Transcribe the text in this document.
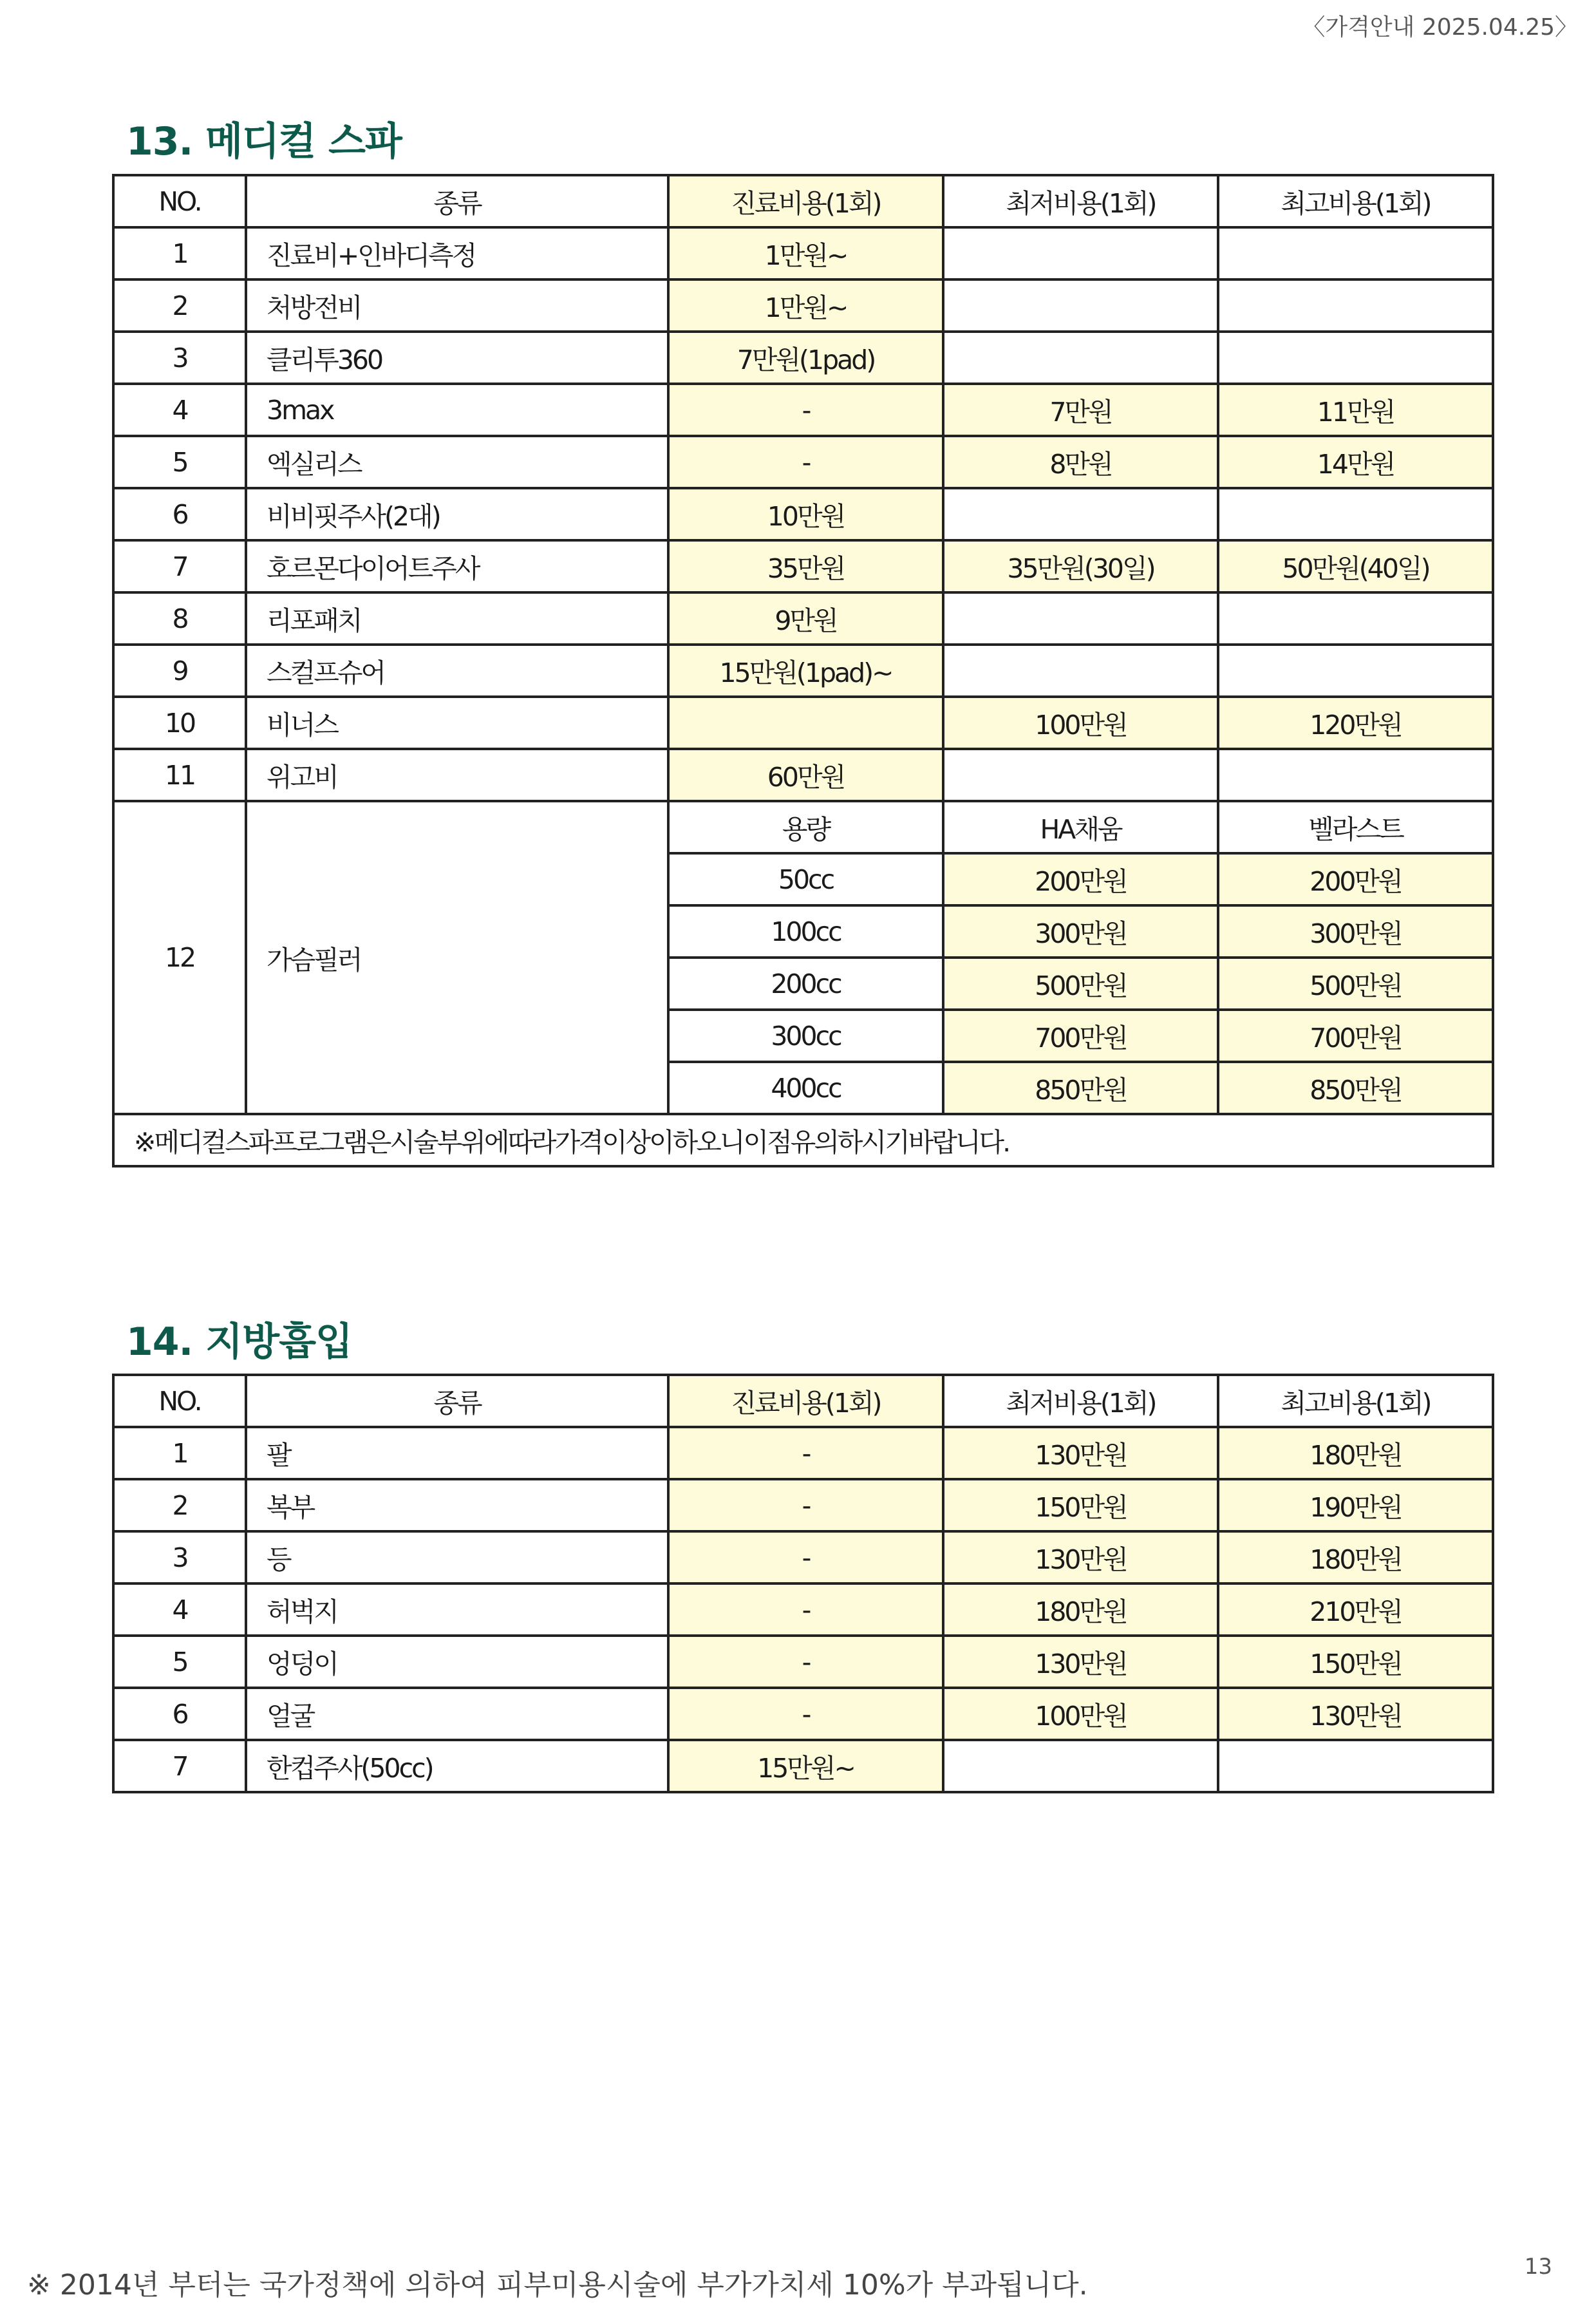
〈가격안내 2025.04.25〉
13. 메디컬 스파
NO.	종류	진료비용(1회)	최저비용(1회)	최고비용(1회)
1	진료비+인바디측정	1만원~		
2	처방전비	1만원~		
3	클리투360	7만원(1pad)		
4	3max	-	7만원	11만원
5	엑실리스	-	8만원	14만원
6	비비핏주사(2대)	10만원		
7	호르몬다이어트주사	35만원	35만원(30일)	50만원(40일)
8	리포패치	9만원		
9	스컬프슈어	15만원(1pad)~		
10	비너스		100만원	120만원
11	위고비	60만원		
12	가슴필러	용량	HA채움	벨라스트
		50cc	200만원	200만원
		100cc	300만원	300만원
		200cc	500만원	500만원
		300cc	700만원	700만원
		400cc	850만원	850만원
※메디컬스파프로그램은시술부위에따라가격이상이하오니이점유의하시기바랍니다.				
14. 지방흡입
NO.	종류	진료비용(1회)	최저비용(1회)	최고비용(1회)
1	팔	-	130만원	180만원
2	복부	-	150만원	190만원
3	등	-	130만원	180만원
4	허벅지	-	180만원	210만원
5	엉덩이	-	130만원	150만원
6	얼굴	-	100만원	130만원
7	한컵주사(50cc)	15만원~		
※ 2014년 부터는 국가정책에 의하여 피부미용시술에 부가가치세 10%가 부과됩니다.
13
